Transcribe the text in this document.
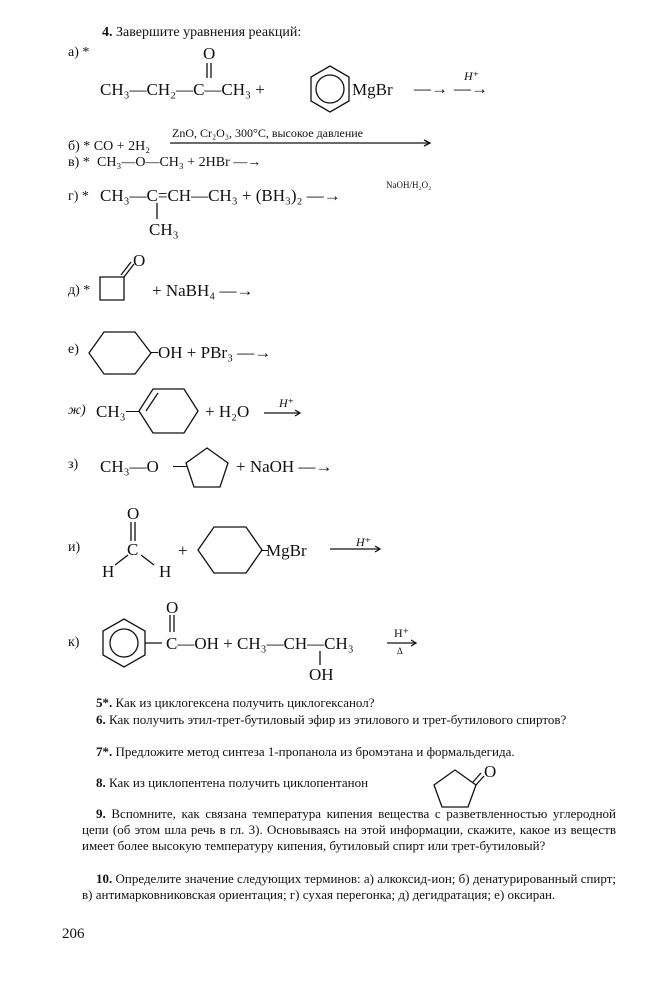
4. Завершите уравнения реакций:
а) *	O
CH₃—CH₂—C—CH₃ +	MgBr —→
H⁺
—→
б) * CO + 2H₂
ZnO, Cr₂O₃, 300°C, высокое давление
в) * CH₃—O—CH₃ + 2HBr —→
г) * CH₃—C=CH—CH₃ + (BH₃)₂ —→
CH₃
NaOH/H₂O₂
д) *
O
+ NaBH₄ —→
е)	OH + PBr₃ —→
ж) CH₃	+ H₂O H⁺
з) CH₃—O	+ NaOH —→
и)
O
C
H	H
+	MgBr	H⁺
к)
O
C—OH + CH₃—CH—CH₃
OH
H⁺
Δ
5*. Как из циклогексена получить циклогексанол?
6. Как получить этил-трет-бутиловый эфир из этилового и трет-бутилового спиртов?
7*. Предложите метод синтеза 1-пропанола из бромэтана и формальдегида.
8. Как из циклопентена получить циклопентанон
O
9. Вспомните, как связана температура кипения вещества с разветвленностью углеродной цепи (об этом шла речь в гл. 3). Основываясь на этой информации, скажите, какое из веществ имеет более высокую температуру кипения, бутиловый спирт или трет-бутиловый?
10. Определите значение следующих терминов: а) алкоксид-ион; б) денатурированный спирт; в) антимарковниковская ориентация; г) сухая перегонка; д) дегидратация; е) оксиран.
206
